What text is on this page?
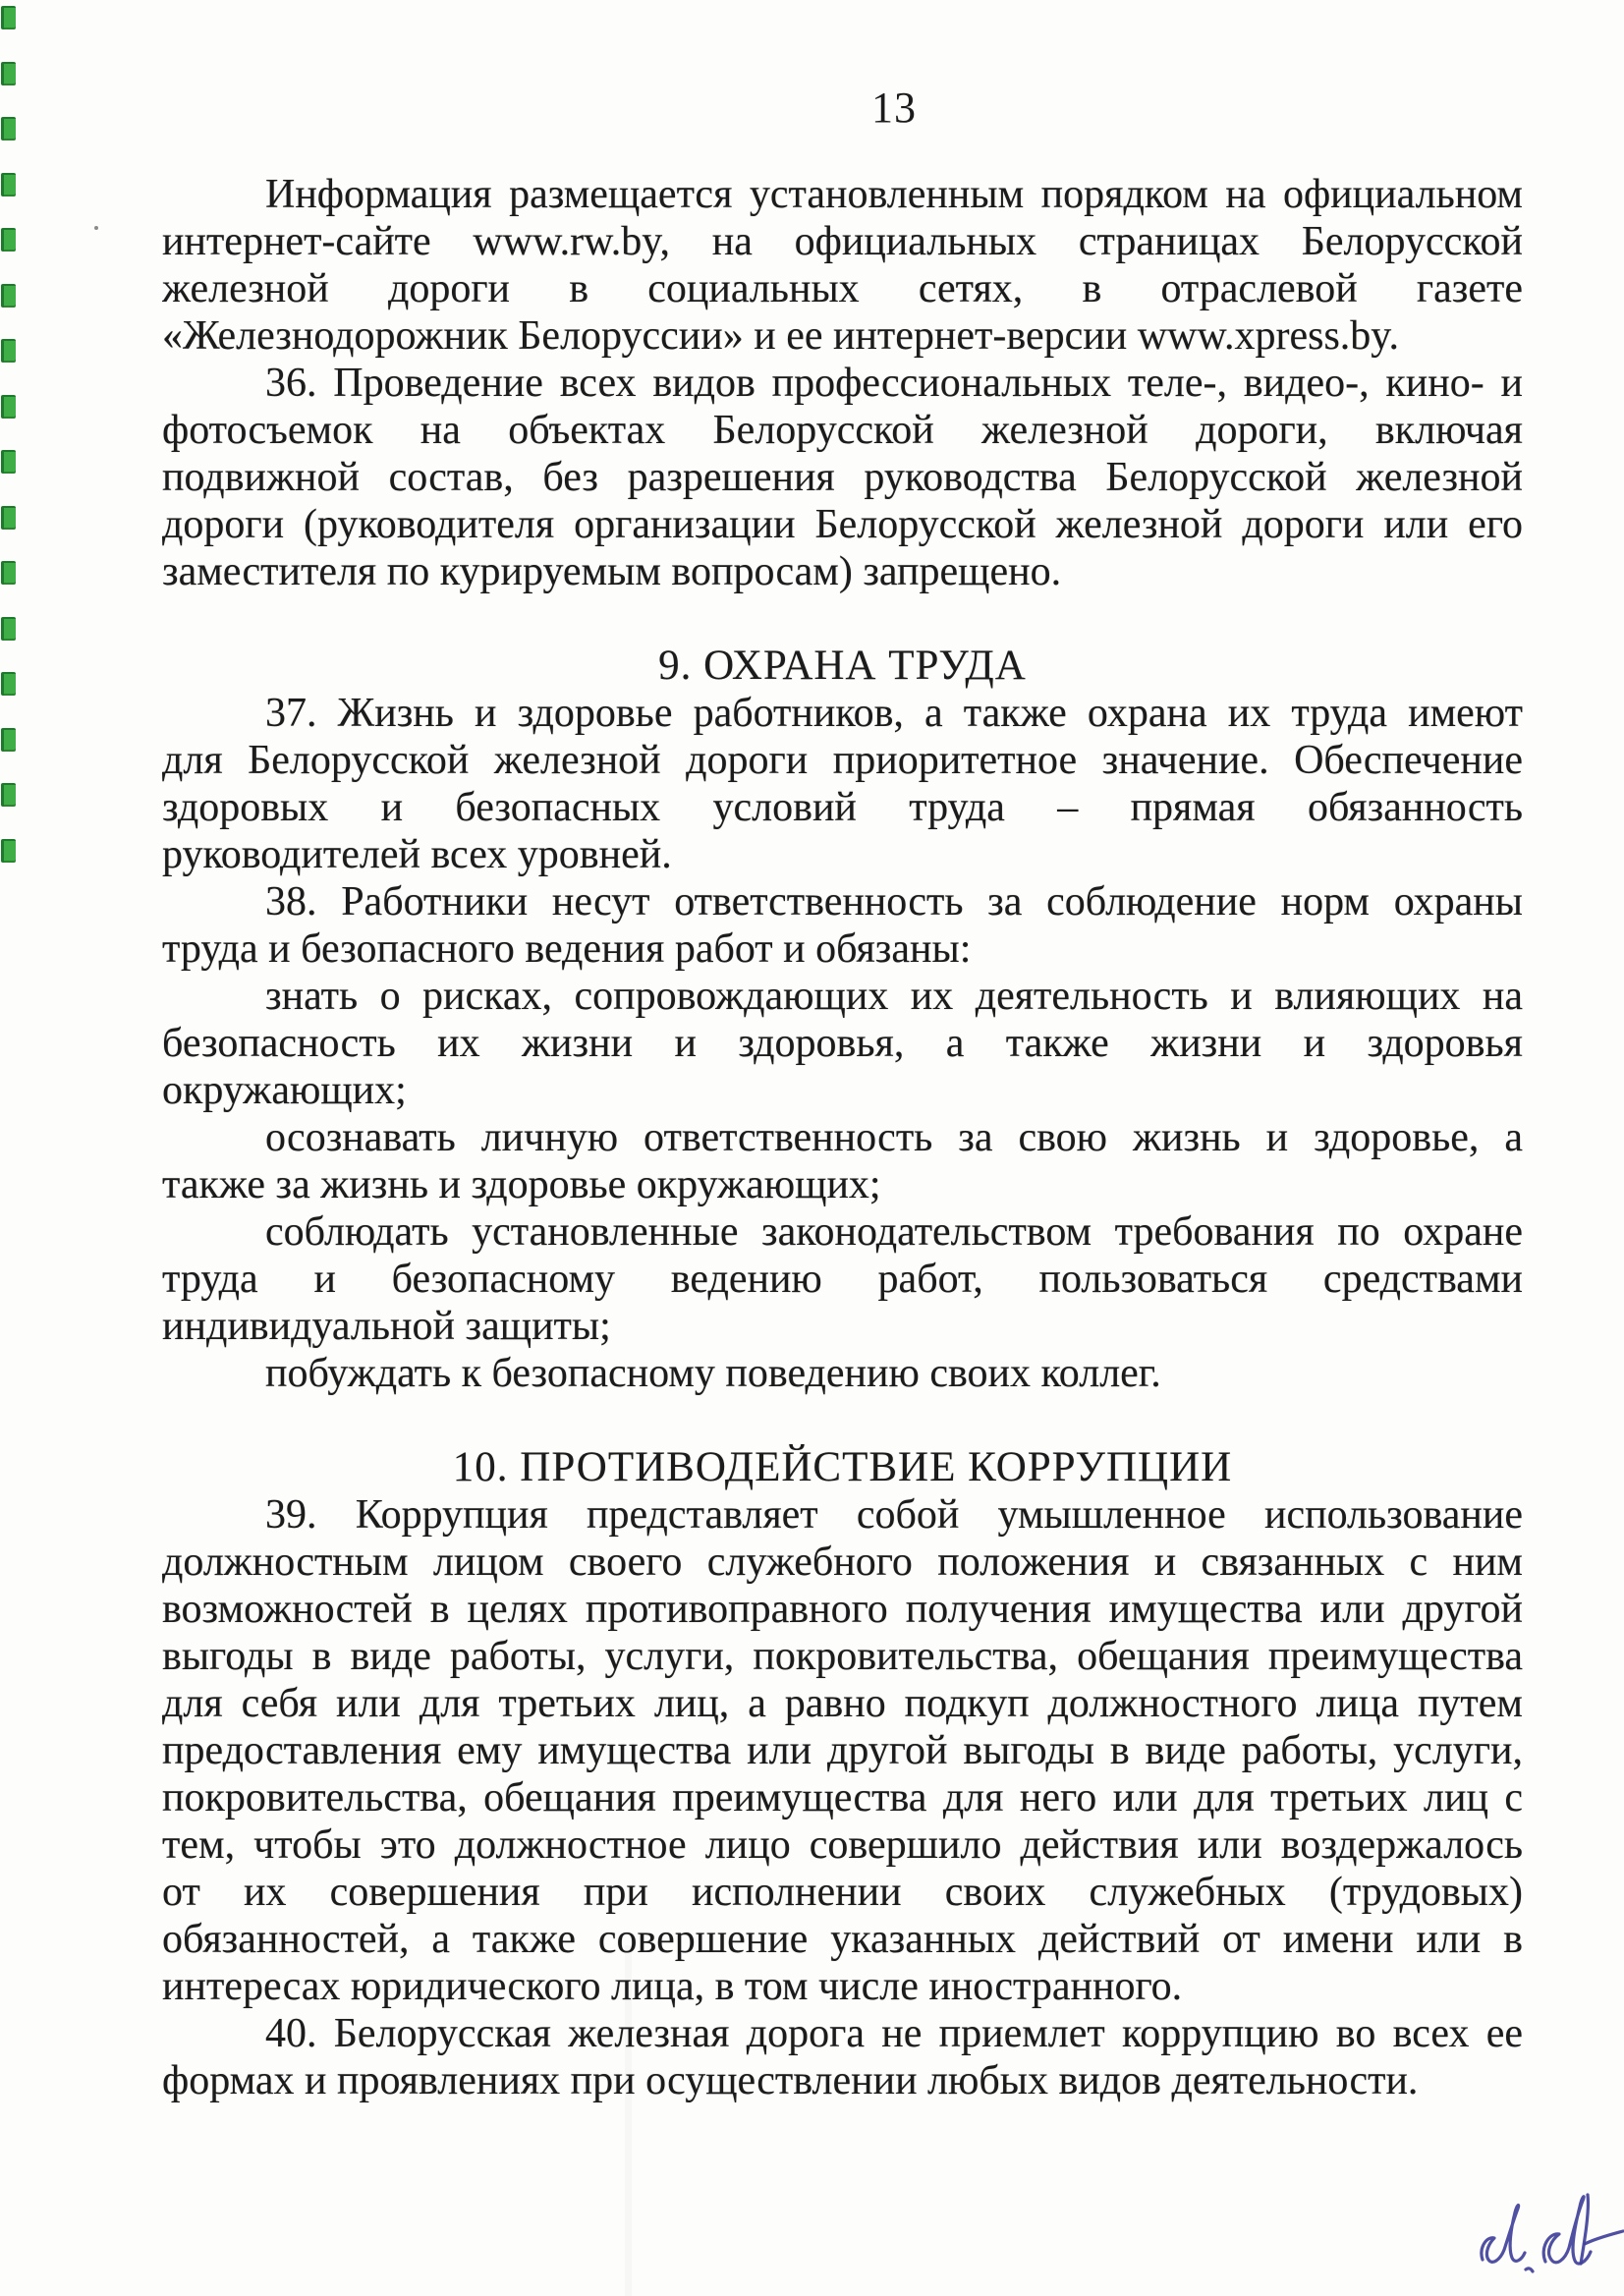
13
Информация размещается установленным порядком на официальном
интернет-сайте www.rw.by, на официальных страницах Белорусской
железной дороги в социальных сетях, в отраслевой газете
«Железнодорожник Белоруссии» и ее интернет-версии www.xpress.by.
36. Проведение всех видов профессиональных теле-, видео-, кино- и
фотосъемок на объектах Белорусской железной дороги, включая
подвижной состав, без разрешения руководства Белорусской железной
дороги (руководителя организации Белорусской железной дороги или его
заместителя по курируемым вопросам) запрещено.
9. ОХРАНА ТРУДА
37. Жизнь и здоровье работников, а также охрана их труда имеют
для Белорусской железной дороги приоритетное значение. Обеспечение
здоровых и безопасных условий труда – прямая обязанность
руководителей всех уровней.
38. Работники несут ответственность за соблюдение норм охраны
труда и безопасного ведения работ и обязаны:
знать о рисках, сопровождающих их деятельность и влияющих на
безопасность их жизни и здоровья, а также жизни и здоровья
окружающих;
осознавать личную ответственность за свою жизнь и здоровье, а
также за жизнь и здоровье окружающих;
соблюдать установленные законодательством требования по охране
труда и безопасному ведению работ, пользоваться средствами
индивидуальной защиты;
побуждать к безопасному поведению своих коллег.
10. ПРОТИВОДЕЙСТВИЕ КОРРУПЦИИ
39. Коррупция представляет собой умышленное использование
должностным лицом своего служебного положения и связанных с ним
возможностей в целях противоправного получения имущества или другой
выгоды в виде работы, услуги, покровительства, обещания преимущества
для себя или для третьих лиц, а равно подкуп должностного лица путем
предоставления ему имущества или другой выгоды в виде работы, услуги,
покровительства, обещания преимущества для него или для третьих лиц с
тем, чтобы это должностное лицо совершило действия или воздержалось
от их совершения при исполнении своих служебных (трудовых)
обязанностей, а также совершение указанных действий от имени или в
интересах юридического лица, в том числе иностранного.
40. Белорусская железная дорога не приемлет коррупцию во всех ее
формах и проявлениях при осуществлении любых видов деятельности.
